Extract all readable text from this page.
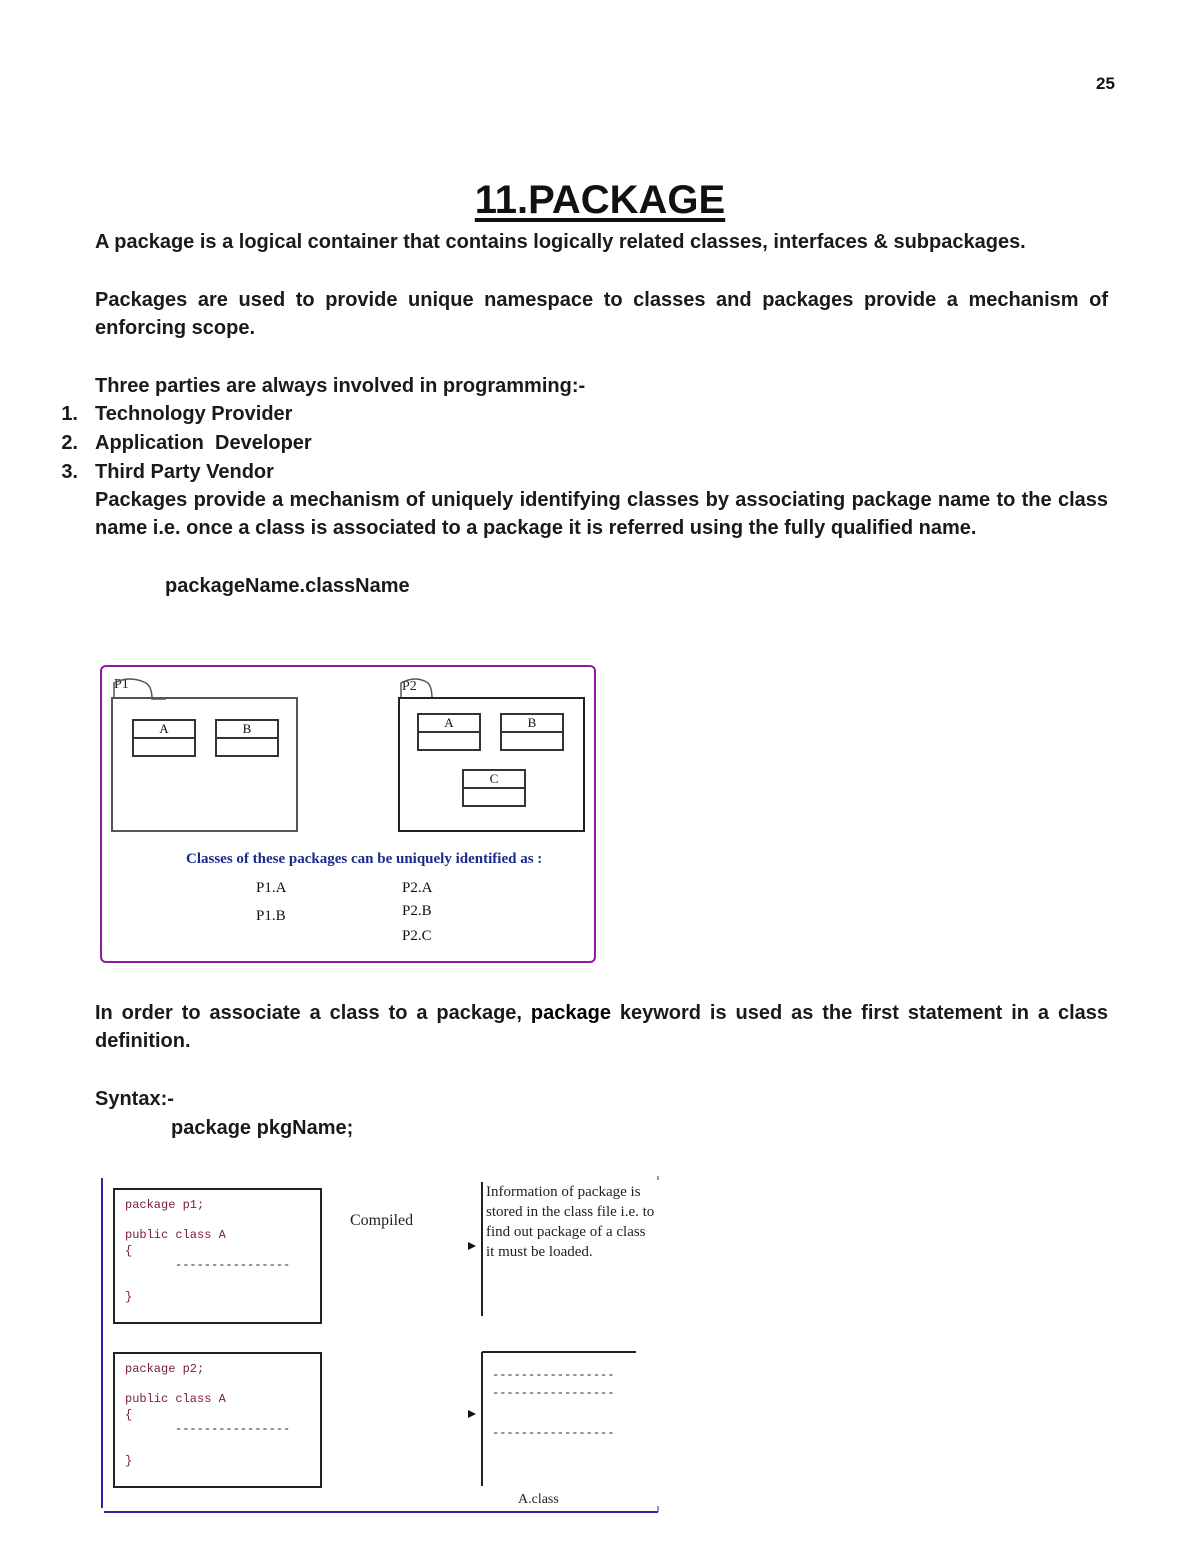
25
11.PACKAGE
A package is a logical container that contains logically related classes, interfaces & subpackages.
Packages are used to provide unique namespace to classes and packages provide a mechanism of enforcing scope.
Three parties are always involved in programming:-
1. Technology Provider
2. Application  Developer
3. Third Party Vendor
Packages provide a mechanism of uniquely identifying classes by associating package name to the class name i.e. once a class is associated to a package it is referred using the fully qualified name.
packageName.className
P1
A	B
P2
A	B
C
Classes of these packages can be uniquely identified as :
P1.A
P1.B
P2.A
P2.B
P2.C
In order to associate a class to a package, package keyword is used as the first statement in a class definition.
Syntax:-
package pkgName;
package p1;
public class A
{
----------------
}
package p2;
public class A
{
----------------
}
Compiled
Information of package is stored in the class file i.e. to find out package of a class it must be loaded.
-----------------
-----------------
-----------------
A.class
